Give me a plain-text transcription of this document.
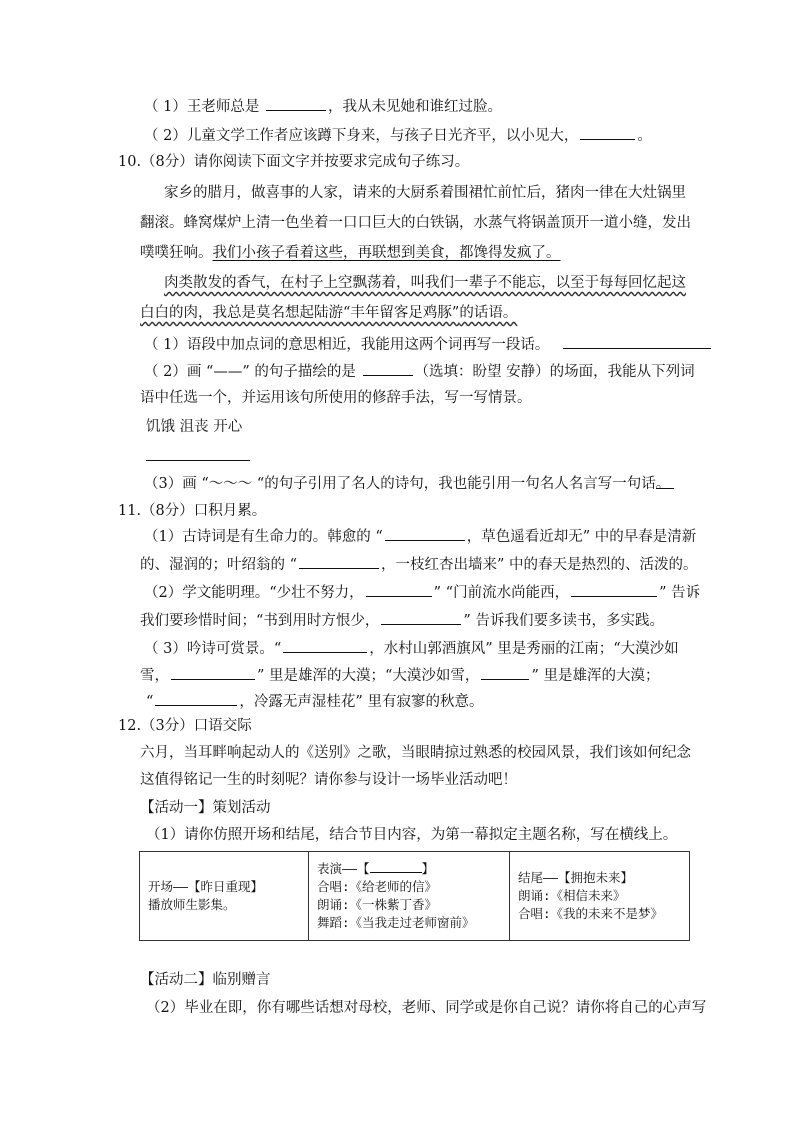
（ 1）王老师总是	，我从未见她和谁红过脸。
（ 2）儿童文学工作者应该蹲下身来，与孩子日光齐平，以小见大，	。
10.（8分）请你阅读下面文字并按要求完成句子练习。
家乡的腊月，做喜事的人家，请来的大厨系着围裙忙前忙后，猪肉一律在大灶锅里
翻滚。蜂窝煤炉上清一色坐着一口口巨大的白铁锅，水蒸气将锅盖顶开一道小缝，发出
噗噗狂响。我们小孩子看着这些，再联想到美食，都馋得发疯了。
肉类散发的香气，在村子上空飘荡着，叫我们一辈子不能忘，以至于每每回忆起这
白白的肉，我总是莫名想起陆游“丰年留客足鸡豚”的话语。
（ 1）语段中加点词的意思相近，我能用这两个词再写一段话。
（ 2）画 “——” 的句子描绘的是	（选填：盼望 安静）的场面，我能从下列词
语中任选一个，并运用该句所使用的修辞手法，写一写情景。
饥饿 沮丧 开心
（3）画 “～～～ “的句子引用了名人的诗句，我也能引用一句名人名言写一句话。
11.（8分）口积月累。
（1）古诗词是有生命力的。韩愈的 “	，草色遥看近却无” 中的早春是清新
的、湿润的；叶绍翁的 “	，一枝红杏出墙来” 中的春天是热烈的、活泼的。
（2）学文能明理。“少壮不努力，	” “门前流水尚能西，	” 告诉
我们要珍惜时间；“书到用时方恨少，	” 告诉我们要多读书，多实践。
（ 3）吟诗可赏景。“	，水村山郭酒旗风” 里是秀丽的江南；“大漠沙如
雪，	” 里是雄浑的大漠；“大漠沙如雪，	” 里是雄浑的大漠；
“	，冷露无声湿桂花” 里有寂寥的秋意。
12.（3分）口语交际
六月，当耳畔响起动人的《送别》之歌，当眼睛掠过熟悉的校园风景，我们该如何纪念
这值得铭记一生的时刻呢？请你参与设计一场毕业活动吧！
【活动一】策划活动
（1）请你仿照开场和结尾，结合节目内容，为第一幕拟定主题名称，写在横线上。
开场——【昨日重现】
播放师生影集。

表演——【	】
合唱:《给老师的信》
朗诵:《一株紫丁香》
舞蹈:《当我走过老师窗前》

结尾——【拥抱未来】
朗诵:《相信未来》
合唱:《我的未来不是梦》
【活动二】临别赠言
（2）毕业在即，你有哪些话想对母校，老师、同学或是你自己说？请你将自己的心声写
